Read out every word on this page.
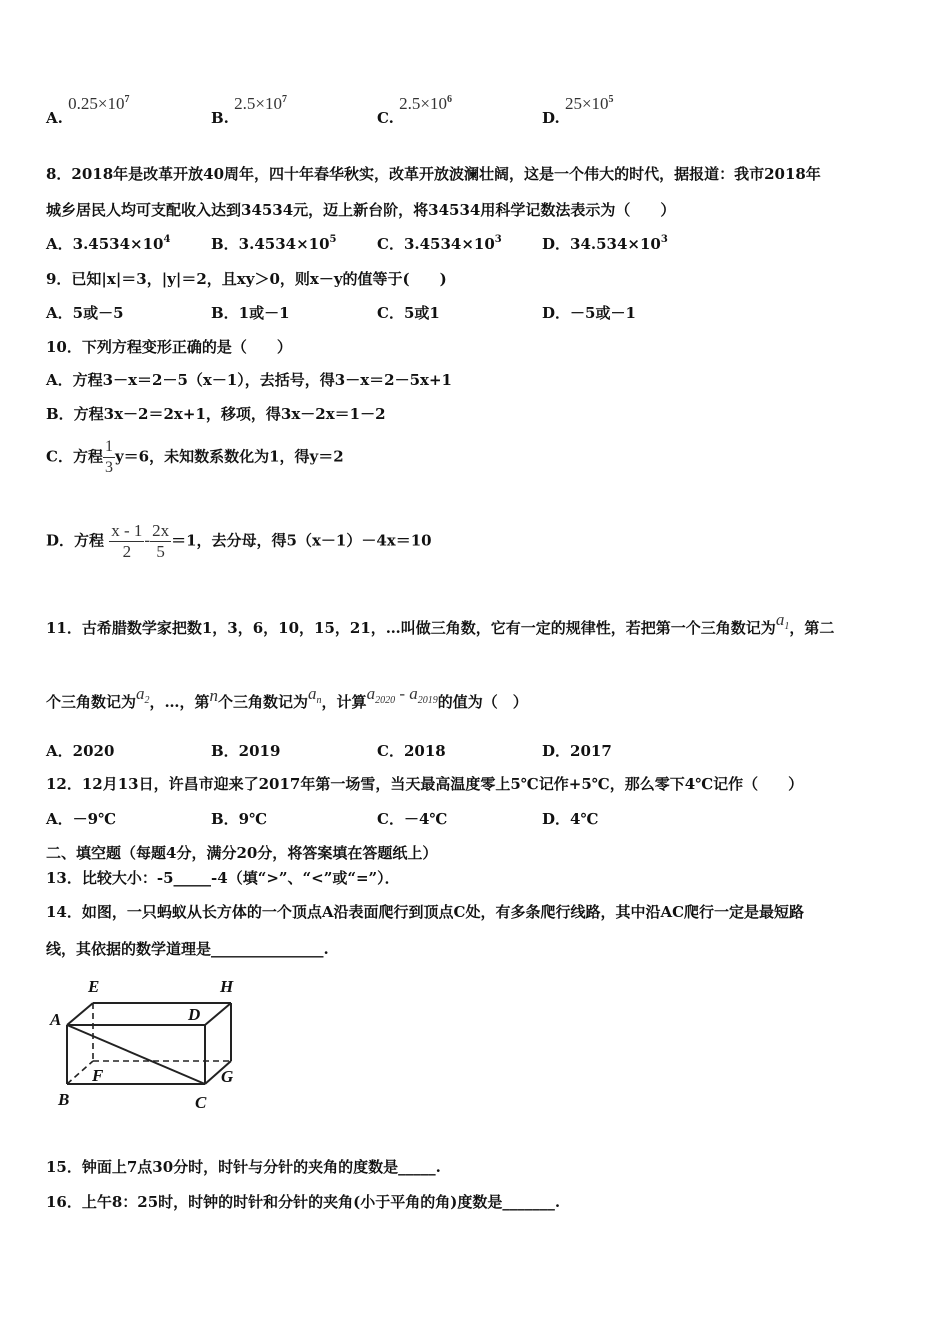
A. $0.25\times 10^7$
B. $2.5\times 10^7$
C. $2.5\times 10^6$
D. $25\times 10^5$
8．2018年是改革开放40周年，四十年春华秋实，改革开放波澜壮阔，这是一个伟大的时代，据报道：我市2018年
城乡居民人均可支配收入达到34534元，迈上新台阶，将34534用科学记数法表示为（　　）
A．$3.4534\times 10^4$	B．$3.4534\times 10^5$	C．$3.4534\times 10^3$	D．$34.534\times 10^3$
9．已知|x|＝3，|y|＝2，且xy＞0，则x－y的值等于(　　)
A．5或－5	B．1或－1	C．5或1	D．－5或－1
10．下列方程变形正确的是（　　）
A．方程3－x＝2－5（x－1），去括号，得3－x＝2－5x+1
B．方程3x－2＝2x+1，移项，得3x－2x＝1－2
C．方程 $\frac{1}{3} y=6$，未知数系数化为1，得y＝2
D．方程 $\frac{x - 1}{2} - \frac{2x}{5} =1$，去分母，得5（x－1）－4x＝10
11．古希腊数学家把数1，3，6，10，15，21，…叫做三角数，它有一定的规律性，若把第一个三角数记为$a_1$，第二
个三角数记为$a_2$，…，第n个三角数记为$a_n$，计算$a_{2020} - a_{2019}$的值为（　）
A．2020	B．2019	C．2018	D．2017
12．12月13日，许昌市迎来了2017年第一场雪，当天最高温度零上5℃记作+5℃，那么零下4℃记作（　　）
A．－9℃	B．9℃	C．－4℃	D．4℃
二、填空题（每题4分，满分20分，将答案填在答题纸上）
13．比较大小：-5_____-4（填“>”、“<”或“=”）．
14．如图，一只蚂蚁从长方体的一个顶点A沿表面爬行到顶点C处，有多条爬行线路，其中沿AC爬行一定是最短路
线，其依据的数学道理是_______________.
E	H
A	D
F	G
B	C
15．钟面上7点30分时，时针与分针的夹角的度数是_____.
16．上午8：25时，时钟的时针和分针的夹角(小于平角的角)度数是_______.
